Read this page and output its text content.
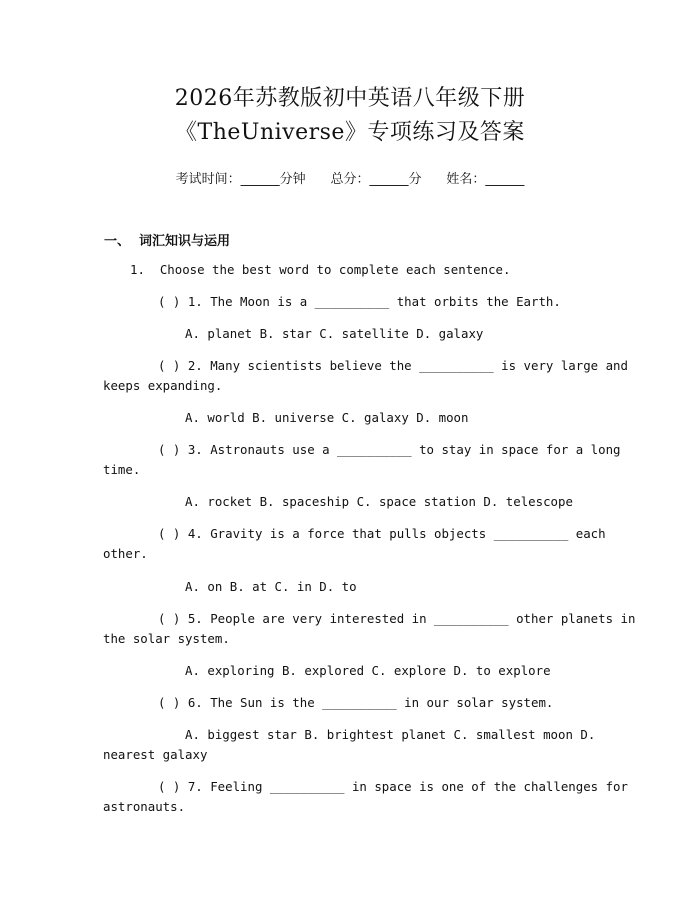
2026年苏教版初中英语八年级下册
《TheUniverse》专项练习及答案
考试时间：______分钟 总分：______分 姓名：______
一、  词汇知识与运用
1.  Choose the best word to complete each sentence.
( ) 1. The Moon is a __________ that orbits the Earth.
A. planet B. star C. satellite D. galaxy
( ) 2. Many scientists believe the __________ is very large and
keeps expanding.
A. world B. universe C. galaxy D. moon
( ) 3. Astronauts use a __________ to stay in space for a long
time.
A. rocket B. spaceship C. space station D. telescope
( ) 4. Gravity is a force that pulls objects __________ each
other.
A. on B. at C. in D. to
( ) 5. People are very interested in __________ other planets in
the solar system.
A. exploring B. explored C. explore D. to explore
( ) 6. The Sun is the __________ in our solar system.
A. biggest star B. brightest planet C. smallest moon D.
nearest galaxy
( ) 7. Feeling __________ in space is one of the challenges for
astronauts.
